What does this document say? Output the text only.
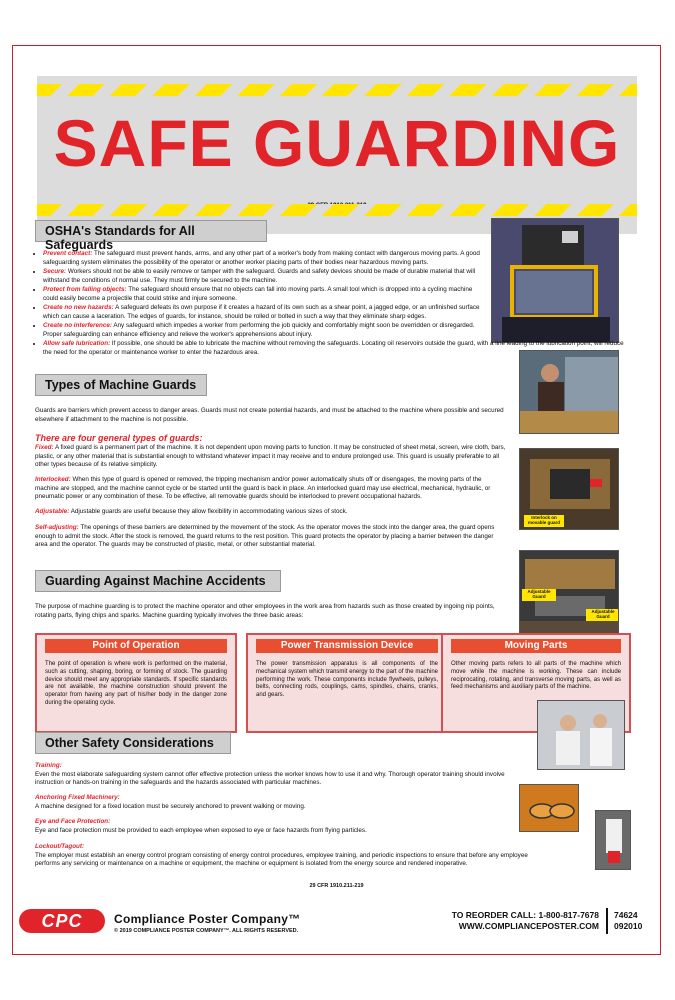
SAFE GUARDING
OSHA's Standards for All Safeguards
• Prevent contact: The safeguard must prevent hands, arms, and any other part of a worker's body from making contact with dangerous moving parts. A good safeguarding system eliminates the possibility of the operator or another worker placing parts of their bodies near hazardous moving parts.
• Secure: Workers should not be able to easily remove or tamper with the safeguard. Guards and safety devices should be made of durable material that will withstand the conditions of normal use. They must firmly be secured to the machine.
• Protect from falling objects: The safeguard should ensure that no objects can fall into moving parts. A small tool which is dropped into a cycling machine could easily become a projectile that could strike and injure someone.
• Create no new hazards: A safeguard defeats its own purpose if it creates a hazard of its own such as a shear point, a jagged edge, or an unfinished surface which can cause a laceration. The edges of guards, for instance, should be rolled or bolted in such a way that they eliminate sharp edges.
• Create no interference: Any safeguard which impedes a worker from performing the job quickly and comfortably might soon be overridden or disregarded. Proper safeguarding can enhance efficiency and relieve the worker's apprehensions about injury.
• Allow safe lubrication: If possible, one should be able to lubricate the machine without removing the safeguards. Locating oil reservoirs outside the guard, with a line leading to the lubrication point, will reduce the need for the operator or maintenance worker to enter the hazardous area.
Types of Machine Guards
Guards are barriers which prevent access to danger areas. Guards must not create potential hazards, and must be attached to the machine where possible and secured elsewhere if attachment to the machine is not possible.
There are four general types of guards:
Fixed: A fixed guard is a permanent part of the machine. It is not dependent upon moving parts to function. It may be constructed of sheet metal, screen, wire cloth, bars, plastic, or any other material that is substantial enough to withstand whatever impact it may receive and to endure prolonged use. This guard is usually preferable to all other types because of its relative simplicity.
Interlocked: When this type of guard is opened or removed, the tripping mechanism and/or power automatically shuts off or disengages, the moving parts of the machine are stopped, and the machine cannot cycle or be started until the guard is back in place. An interlocked guard may use electrical, mechanical, hydraulic, or pneumatic power or any combination of these. To be effective, all removable guards should be interlocked to prevent occupational hazards.
Adjustable: Adjustable guards are useful because they allow flexibility in accommodating various sizes of stock.
Self-adjusting: The openings of these barriers are determined by the movement of the stock. As the operator moves the stock into the danger area, the guard opens enough to admit the stock. After the stock is removed, the guard returns to the rest position. This guard protects the operator by placing a barrier between the danger area and the operator. The guards may be constructed of plastic, metal, or other substantial material.
Interlock on movable guard
Adjustable Guard
Adjustable Guard
Guarding Against Machine Accidents
The purpose of machine guarding is to protect the machine operator and other employees in the work area from hazards such as those created by ingoing nip points, rotating parts, flying chips and sparks. Machine guarding typically involves the three basic areas:
Point of Operation
The point of operation is where work is performed on the material, such as cutting, shaping, boring, or forming of stock. The guarding device should meet any appropriate standards. If specific standards are not available, the machine construction should prevent the operator from having any part of his/her body in the danger zone during the operating cycle.
Power Transmission Device
The power transmission apparatus is all components of the mechanical system which transmit energy to the part of the machine performing the work. These components include flywheels, pulleys, belts, connecting rods, couplings, cams, spindles, chains, cranks, and gears.
Moving Parts
Other moving parts refers to all parts of the machine which move while the machine is working. These can include reciprocating, rotating, and transverse moving parts, as well as feed mechanisms and auxiliary parts of the machine.
Other Safety Considerations
Training:
Even the most elaborate safeguarding system cannot offer effective protection unless the worker knows how to use it and why. Thorough operator training should involve instruction or hands-on training in the safeguards and the hazards associated with particular machines.
Anchoring Fixed Machinery:
A machine designed for a fixed location must be securely anchored to prevent walking or moving.
Eye and Face Protection:
Eye and face protection must be provided to each employee when exposed to eye or face hazards from flying particles.
Lockout/Tagout:
The employer must establish an energy control program consisting of energy control procedures, employee training, and periodic inspections to ensure that before any employee performs any servicing or maintenance on a machine or equipment, the machine or equipment is isolated from the energy source and rendered inoperative.
29 CFR 1910.211-219
CPC	Compliance Poster Company™
© 2019 COMPLIANCE POSTER COMPANY™. ALL RIGHTS RESERVED.
TO REORDER CALL: 1-800-817-7678
WWW.COMPLIANCEPOSTER.COM
74624
092010
